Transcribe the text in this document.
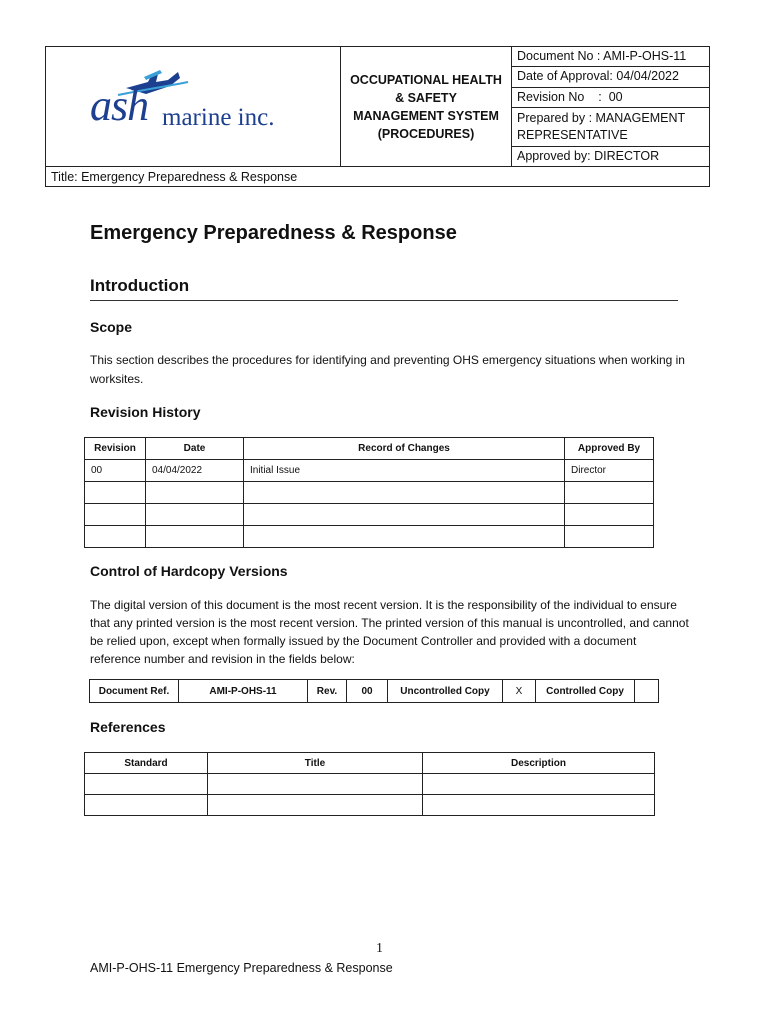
ash marine inc.

OCCUPATIONAL HEALTH
& SAFETY
MANAGEMENT SYSTEM
(PROCEDURES)
	Document No : AMI-P-OHS-11
Date of Approval: 04/04/2022
Revision No    :  00

Prepared by : MANAGEMENT
REPRESENTATIVE

Approved by: DIRECTOR
Title: Emergency Preparedness & Response
Emergency Preparedness & Response
Introduction
Scope

This section describes the procedures for identifying and preventing OHS emergency situations when working in worksites.

Revision History
Revision	Date	Record of Changes	Approved By
00	04/04/2022	Initial Issue	Director

Control of Hardcopy Versions

The digital version of this document is the most recent version. It is the responsibility of the individual to ensure that any printed version is the most recent version. The printed version of this manual is uncontrolled, and cannot be relied upon, except when formally issued by the Document Controller and provided with a document reference number and revision in the fields below:

Document Ref.	AMI-P-OHS-11	Rev.	00	Uncontrolled Copy	X	Controlled Copy	
References
Standard	Title	Description

1
AMI-P-OHS-11 Emergency Preparedness & Response
